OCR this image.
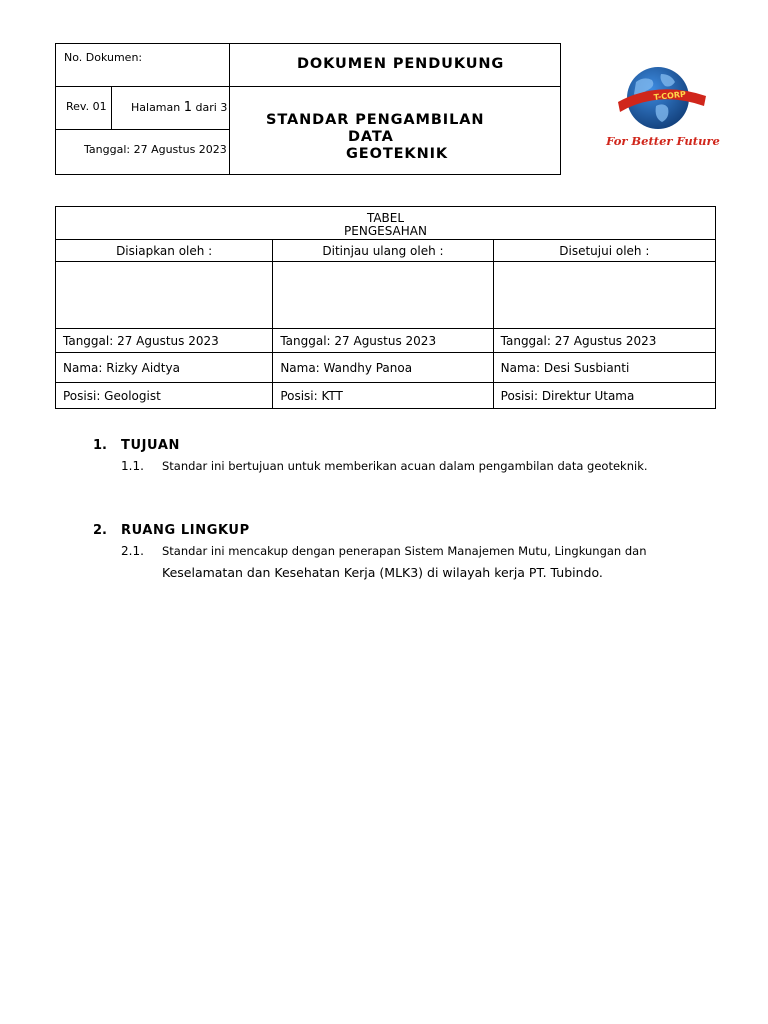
No. Dokumen:	DOKUMEN PENDUKUNG
Rev. 01 Halaman 1 dari 3
Tanggal: 27 Agustus 2023
STANDAR PENGAMBILAN
DATA
GEOTEKNIK
T-CORP
For Better Future
TABEL
PENGESAHAN		
Disiapkan oleh :	Ditinjau ulang oleh :	Disetujui oleh :

Tanggal: 27 Agustus 2023	Tanggal: 27 Agustus 2023	Tanggal: 27 Agustus 2023
Nama: Rizky Aidtya	Nama: Wandhy Panoa	Nama: Desi Susbianti
Posisi: Geologist	Posisi: KTT	Posisi: Direktur Utama
1. TUJUAN
1.1. Standar ini bertujuan untuk memberikan acuan dalam pengambilan data geoteknik.
2. RUANG LINGKUP
2.1. Standar ini mencakup dengan penerapan Sistem Manajemen Mutu, Lingkungan dan
Keselamatan dan Kesehatan Kerja (MLK3) di wilayah kerja PT. Tubindo.
